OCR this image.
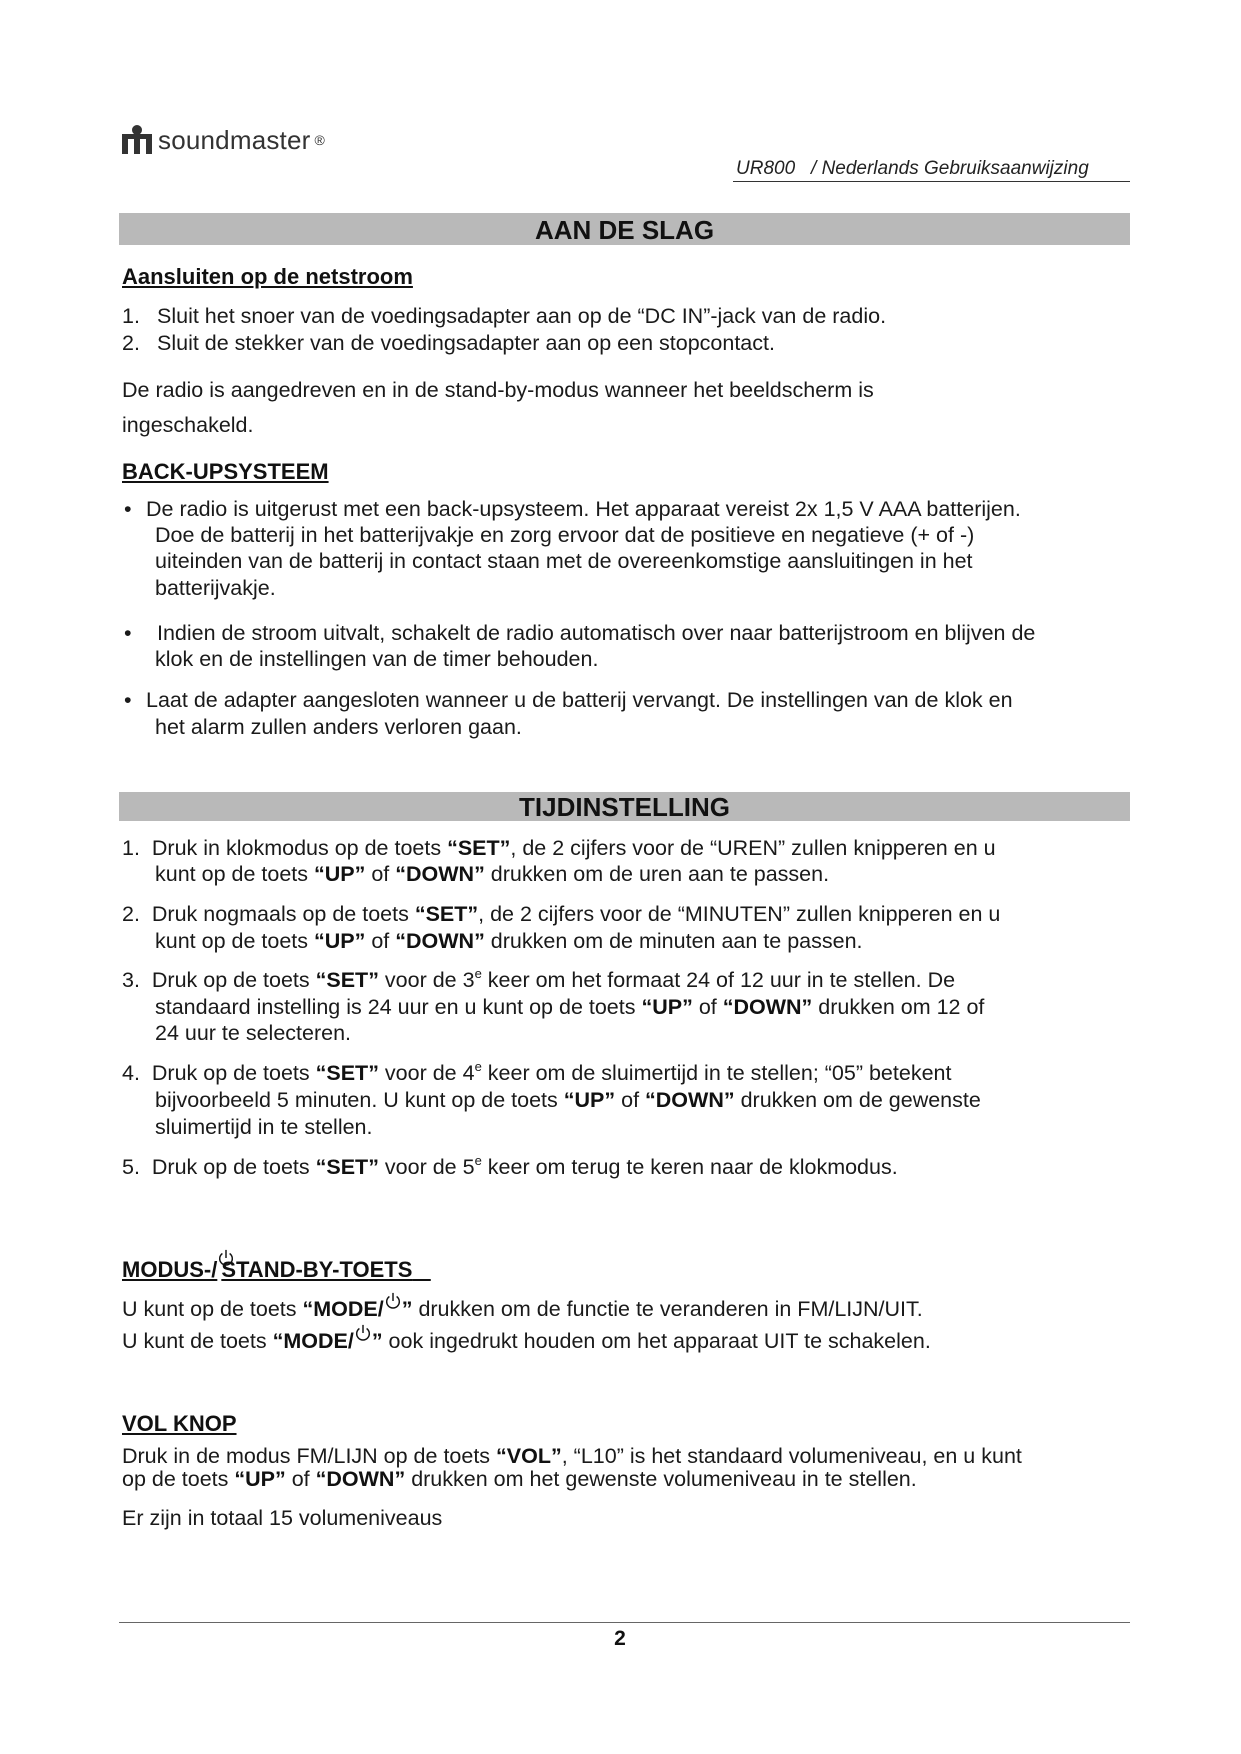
soundmaster ®
UR800 / Nederlands Gebruiksaanwijzing
AAN DE SLAG
Aansluiten op de netstroom
1. Sluit het snoer van de voedingsadapter aan op de “DC IN”-jack van de radio.
2. Sluit de stekker van de voedingsadapter aan op een stopcontact.
De radio is aangedreven en in de stand-by-modus wanneer het beeldscherm is
ingeschakeld.
BACK-UPSYSTEEM
• De radio is uitgerust met een back-upsysteem. Het apparaat vereist 2x 1,5 V AAA batterijen.
Doe de batterij in het batterijvakje en zorg ervoor dat de positieve en negatieve (+ of -)
uiteinden van de batterij in contact staan met de overeenkomstige aansluitingen in het
batterijvakje.
• Indien de stroom uitvalt, schakelt de radio automatisch over naar batterijstroom en blijven de
klok en de instellingen van de timer behouden.
• Laat de adapter aangesloten wanneer u de batterij vervangt. De instellingen van de klok en
het alarm zullen anders verloren gaan.
TIJDINSTELLING
1. Druk in klokmodus op de toets “SET”, de 2 cijfers voor de “UREN” zullen knipperen en u
kunt op de toets “UP” of “DOWN” drukken om de uren aan te passen.
2. Druk nogmaals op de toets “SET”, de 2 cijfers voor de “MINUTEN” zullen knipperen en u
kunt op de toets “UP” of “DOWN” drukken om de minuten aan te passen.
3. Druk op de toets “SET” voor de 3e keer om het formaat 24 of 12 uur in te stellen. De
standaard instelling is 24 uur en u kunt op de toets “UP” of “DOWN” drukken om 12 of
24 uur te selecteren.
4. Druk op de toets “SET” voor de 4e keer om de sluimertijd in te stellen; “05” betekent
bijvoorbeeld 5 minuten. U kunt op de toets “UP” of “DOWN” drukken om de gewenste
sluimertijd in te stellen.
5. Druk op de toets “SET” voor de 5e keer om terug te keren naar de klokmodus.
MODUS-/ STAND-BY-TOETS
U kunt op de toets “MODE/ ” drukken om de functie te veranderen in FM/LIJN/UIT.
U kunt de toets “MODE/ ” ook ingedrukt houden om het apparaat UIT te schakelen.
VOL KNOP
Druk in de modus FM/LIJN op de toets “VOL”, “L10” is het standaard volumeniveau, en u kunt
op de toets “UP” of “DOWN” drukken om het gewenste volumeniveau in te stellen.
Er zijn in totaal 15 volumeniveaus
2
